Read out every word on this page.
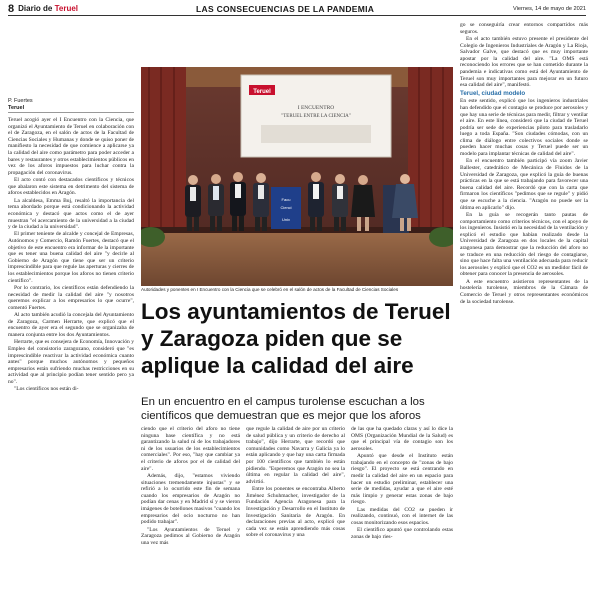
8 Diario de Teruel	LAS CONSECUENCIAS DE LA PANDEMIA	Viernes, 14 de mayo de 2021
P. Fuertes
Teruel

Teruel acogió ayer el I Encuentro con la Ciencia, que organizó el Ayuntamiento de Teruel en colaboración con el de Zaragoza, en el salón de actos de la Facultad de Ciencias Sociales y Humanas y donde se quiso poner de manifiesto la necesidad de que comience a aplicarse ya la calidad del aire como parámetro para poder acceder a bares y restaurantes y otros establecimientos públicos en vez de los aforos impuestos para luchar contra la propagación del coronavirus.

El acto contó con destacados científicos y técnicos que abalaron este sistema en detrimento del sistema de aforos establecidos en Aragón.

La alcaldesa, Emma Buj, resaltó la importancia del tema abordado porque está condicionando la actividad económica y destacó que actos como el de ayer muestran "el acercamiento de la universidad a la ciudad y de la ciudad a la universidad".

El primer teniente de alcalde y concejal de Empresas, Autónomos y Comercio, Ramón Fuertes, destacó que el objetivo de este encuentro era informar de la importante que es tener una buena calidad del aire "y decirle al Gobierno de Aragón que tiene que ser un criterio imprescindible para que regule las aperturas y cierres de los establecimientos porque los aforos no tienen criterio científico".

Por lo contrario, los científicos están defendiendo la necesidad de medir la calidad del aire "y nosotros queremos explicar a los empresarios lo que ocurre", comentó Fuertes.

Al acto también acudió la concejala del Ayuntamiento de Zaragoza, Carmen Herrarte, que explicó que el encuentro de ayer era el segundo que se organizaba de manera conjunta entre los dos Ayuntamientos.

Herrarte, que es consejera de Economía, Innovación y Empleo del consistorio zaragozano, consideró que "es imprescindible reactivar la actividad económica cuanto antes" porque muchos autónomos y pequeños empresarios están sufriendo muchas restricciones en su actividad que al principio podían tener sentido pero ya no".

"Los científicos nos están di-

Teruel
I ENCUENTRO
"TERUEL ENTRE LA CIENCIA"
Facu
Cienci
Univ
Autoridades y ponentes en I Encuentro con la Ciencia que se celebró en el salón de actos de la Facultad de Ciencias Sociales
Los ayuntamientos de Teruel y Zaragoza piden que se aplique la calidad del aire
En un encuentro en el campus turolense escuchan a los científicos que demuestran que es mejor que los aforos

ciendo que el criterio del aforo no tiene ninguna base científica y no está garantizando la salud ni de los trabajadores ni de los usuarios de los establecimientos comerciales". Por eso, "hay que cambiar ya el criterio de aforos por el de calidad del aire".

Además, dijo, "estamos viviendo situaciones tremendamente injustas" y se refirió a lo ocurrido este fin de semana cuando los empresarios de Aragón no podían dar cenas y en Madrid sí y se vieron imágenes de botellones masivos "cuando los empresarios del ocio nocturno no han podido trabajar".

"Los Ayuntamientos de Teruel y Zaragoza pedimos al Gobierno de Aragón una vez más

que regule la calidad de aire por un criterio de salud pública y un criterio de derecho al trabajo", dijo Herrarte, que recordó que comunidades como Navarra y Galicia ya lo están aplicando y que hay una carta firmada por 100 científicos que también lo están pidiendo. "Esperemos que Aragón no sea la última en regular la calidad del aire", advirtió.

Entre los ponentes se encontraba Alberto Jiménez Schuhmacher, investigador de la Fundación Agencia Aragonesa para la Investigación y Desarrollo en el Instituto de Investigación Sanitaria de Aragón. En declaraciones previas al acto, explicó que cada vez se están aprendiendo más cosas sobre el coronavirus y una

de las que ha quedado claras y así lo dice la OMS (Organización Mundial de la Salud) es que el principal vía de contagio son los aerosoles.

Apuntó que desde el Instituto están trabajando en el concepto de "zonas de bajo riesgo". El proyecto se está centrando en medir la calidad del aire en un espacio para hacer un estudio preliminar, establecer una serie de medidas, ayudar a que el aire esté más limpio y generar estas zonas de bajo riesgo.

Las medidas del CO2 se pueden ir realizando, continuó, con el internet de las cosas monitorizando esos espacios.

El científico apuntó que controlando estas zonas de bajo ries-

go se conseguiría crear entornos compartidos más seguros.

En el acto también estuvo presente el presidente del Colegio de Ingenieros Industriales de Aragón y La Rioja, Salvador Galve, que destacó que es muy importante apostar por la calidad del aire. "La OMS está reconociendo los errores que se han cometido durante la pandemia e indicativas como está del Ayuntamiento de Teruel son muy importantes para mejorar en un futuro esa calidad del aire", manifestó.

Teruel, ciudad modelo

En este sentido, explicó que los ingenieros industriales han defendido que el contagio se produce por aerosoles y que hay una serie de técnicas para medir, filtrar y ventilar el aire. En este línea, consideró que la ciudad de Teruel podría ser sede de experiencias piloto para trasladarlo luego a toda España. "Son ciudades cómodas, con un clima de diálogo entre colectivos sociales donde se pueden hacer muchas cosas y Teruel puede ser un modelo para implantar técnicas de calidad del aire".

En el encuentro también participó vía zoom Javier Ballester, catedrático de Mecánica de Fluidos de la Universidad de Zaragoza, que explicó la guía de buenas prácticas en la que se está trabajando para favorecer una buena calidad del aire. Recordó que con la carta que firmaron los científicos "pedimos que se regule" y pidió que se escuche a la ciencia. "Aragón no puede ser la última en aplicarlo" dijo.

En la guía se recogerán tanto pautas de comportamiento como criterios técnicos, con el apoyo de los ingenieros. Insistió en la necesidad de la ventilación y explicó el estudio que habían realizado desde la Universidad de Zaragoza en dos locales de la capital aragonesa para demostrar que la reducción del aforo no se traduce en una reducción del riesgo de contagiarse, sino que hace falta una ventilación adecuada para reducir los aerosoles y explicó que el CO2 es un medidor fácil de obtener para conocer la presencia de aerosoles.

A este encuentro asistieron representantes de la hostelería turolense, miembros de la Cámara de Comercio de Teruel y otros representantes económicos de la sociedad turolense.
